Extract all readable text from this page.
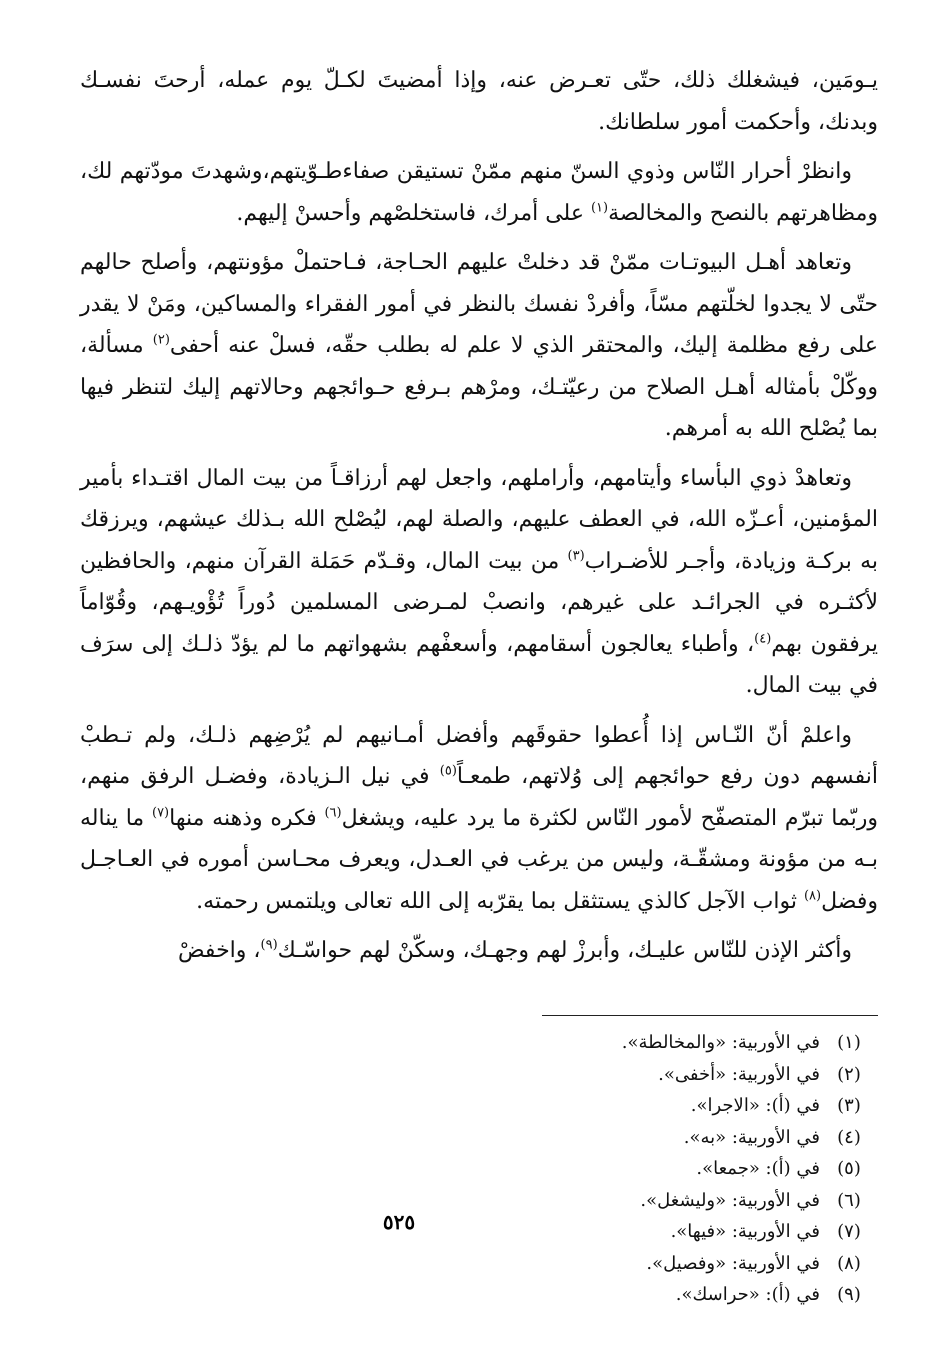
يـومَين، فيشغلك ذلك، حتّى تعـرض عنه، وإذا أمضيتَ لكـلّ يوم عمله، أرحتَ نفسـك وبدنك، وأحكمت أمور سلطانك.

وانظرْ أحرار النّاس وذوي السنّ منهم ممّنْ تستيقن صفاءطـوّيتهم،وشهدتَ مودّتهم لك، ومظاهرتهم بالنصح والمخالصة$^{(١)}$ على أمرك، فاستخلصْهم وأحسنْ إليهم.

وتعاهد أهـل البيوتـات ممّنْ قد دخلتْ عليهم الحـاجة، فـاحتملْ مؤونتهم، وأصلح حالهم حتّى لا يجدوا لخلّتهم مسّاً، وأفردْ نفسك بالنظر في أمور الفقراء والمساكين، ومَنْ لا يقدر على رفع مظلمة إليك، والمحتقر الذي لا علم له بطلب حقّه، فسلْ عنه أحفى$^{(٢)}$ مسألة، ووكّلْ بأمثاله أهـل الصلاح من رعيّتـك، ومرْهم بـرفع حـوائجهم وحالاتهم إليك لتنظر فيها بما يُصْلح الله به أمرهم.

وتعاهدْ ذوي البأساء وأيتامهم، وأراملهم، واجعل لهم أرزاقـاً من بيت المال اقتـداء بأمير المؤمنين، أعـزّه الله، في العطف عليهم، والصلة لهم، ليُصْلح الله بـذلك عيشهم، ويرزقك به بركـة وزيادة، وأجـر للأضـراب$^{(٣)}$ من بيت المال، وقـدّم حَمَلة القرآن منهم، والحافظين لأكثـره في الجرائـد على غيرهم، وانصبْ لمـرضى المسلمين دُوراً تُؤْويـهم، وقُوّاماً يرفقون بهم$^{(٤)}$، وأطباء يعالجون أسقامهم، وأسعفْهم بشهواتهم ما لم يؤدّ ذلـك إلى سرَف في بيت المال.

واعلمْ أنّ النّـاس إذا أُعطوا حقوقَهم وأفضل أمـانيهم لم يُرْضِهم ذلـك، ولم تـطبْ أنفسهم دون رفع حوائجهم إلى وُلاتهم، طمعـاً$^{(٥)}$ في نيل الـزيادة، وفضـل الرفق منهم، وربّما تبرّم المتصفّح لأمور النّاس لكثرة ما يرد عليه، ويشغل$^{(٦)}$ فكره وذهنه منها$^{(٧)}$ ما يناله بـه من مؤونة ومشقّـة، وليس من يرغب في العـدل، ويعرف محـاسن أموره في العـاجـل وفضل$^{(٨)}$ ثواب الآجل كالذي يستثقل بما يقرّبه إلى الله تعالى ويلتمس رحمته.

وأكثر الإذن للنّاس عليـك، وأبرزْ لهم وجهـك، وسكّنْ لهم حواسّـك$^{(٩)}$، واخفضْ

(١)
في الأوربية: «والمخالطة».
(٢)
في الأوربية: «أخفى».
(٣)
في (أ): «الاجرا».
(٤)
في الأوربية: «به».
(٥)
في (أ): «جمعا».
(٦)
في الأوربية: «وليشغل».
(٧)
في الأوربية: «فيها».
(٨)
في الأوربية: «وفصيل».
(٩)
في (أ): «حراسك».
٥٢٥
